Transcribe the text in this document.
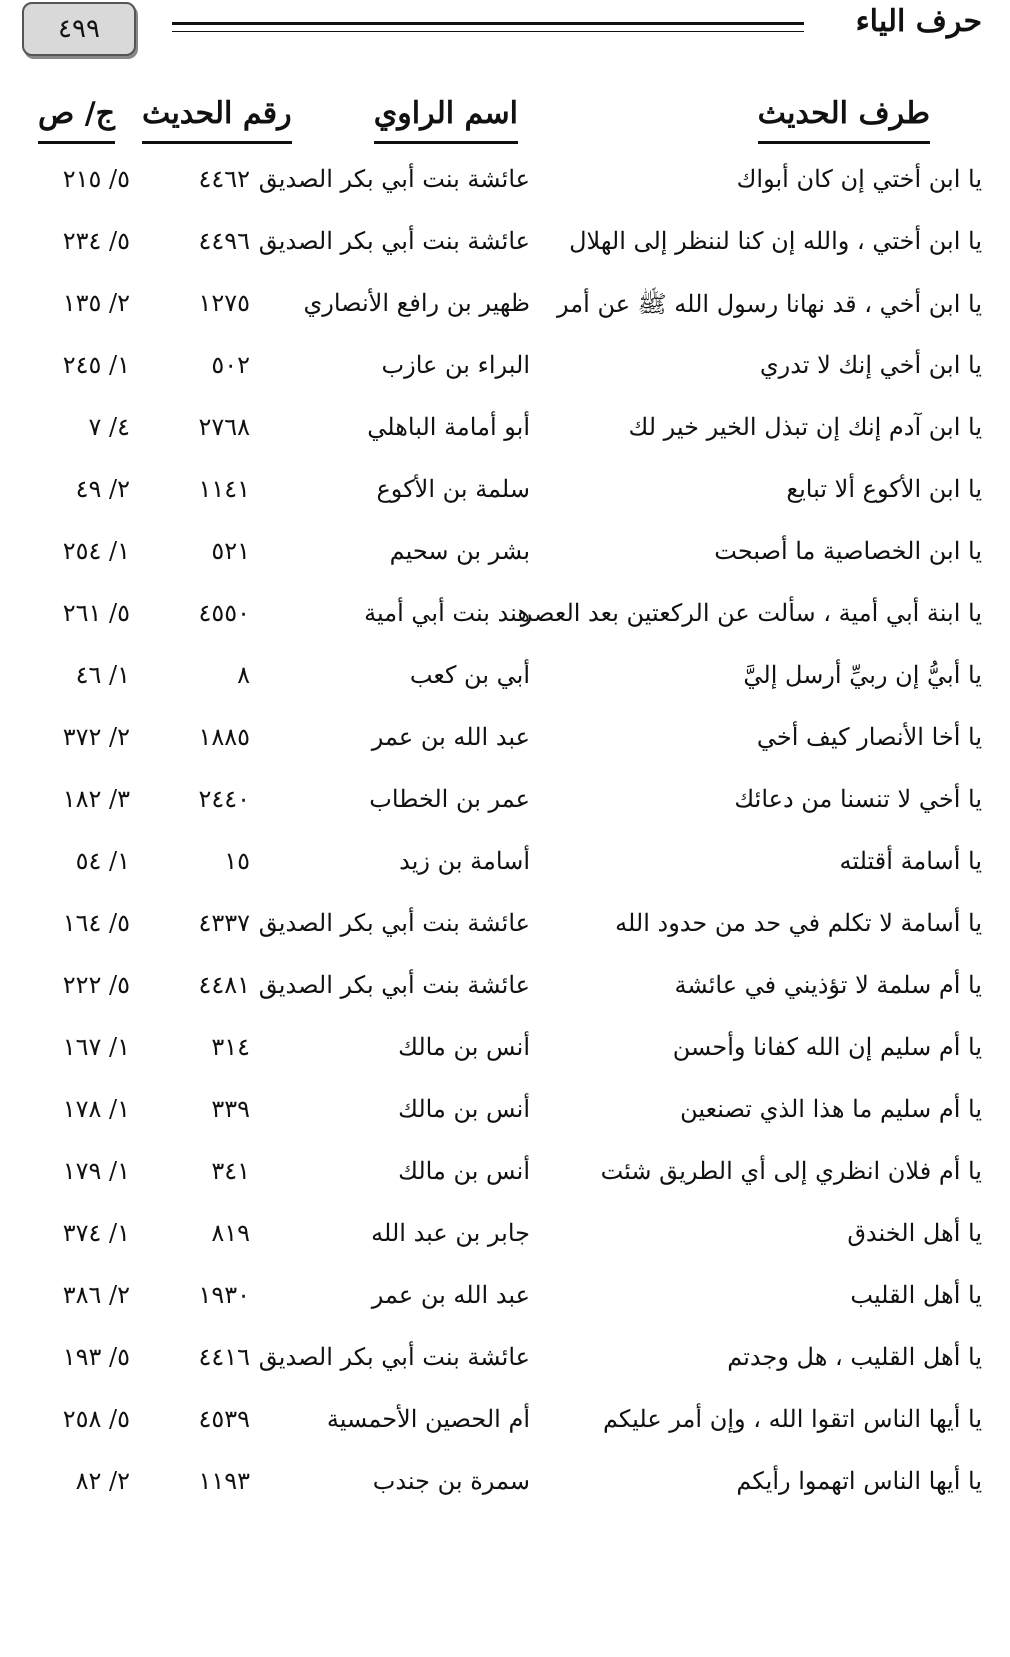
٤٩٩	حرف الياء
طرف الحديث
اسم الراوي
رقم الحديث
ج/ ص
يا ابن أختي إن كان أبواك
عائشة بنت أبي بكر الصديق
٤٤٦٢
٥/ ٢١٥
يا ابن أختي ، والله إن كنا لننظر إلى الهلال
عائشة بنت أبي بكر الصديق
٤٤٩٦
٥/ ٢٣٤
يا ابن أخي ، قد نهانا رسول الله ﷺ عن أمر
ظهير بن رافع الأنصاري
١٢٧٥
٢/ ١٣٥
يا ابن أخي إنك لا تدري
البراء بن عازب
٥٠٢
١/ ٢٤٥
يا ابن آدم إنك إن تبذل الخير خير لك
أبو أمامة الباهلي
٢٧٦٨
٤/ ٧
يا ابن الأكوع ألا تبايع
سلمة بن الأكوع
١١٤١
٢/ ٤٩
يا ابن الخصاصية ما أصبحت
بشر بن سحيم
٥٢١
١/ ٢٥٤
يا ابنة أبي أمية ، سألت عن الركعتين بعد العصر
هند بنت أبي أمية
٤٥٥٠
٥/ ٢٦١
يا أبيُّ إن ربيِّ أرسل إليَّ
أبي بن كعب
٨
١/ ٤٦
يا أخا الأنصار كيف أخي
عبد الله بن عمر
١٨٨٥
٢/ ٣٧٢
يا أخي لا تنسنا من دعائك
عمر بن الخطاب
٢٤٤٠
٣/ ١٨٢
يا أسامة أقتلته
أسامة بن زيد
١٥
١/ ٥٤
يا أسامة لا تكلم في حد من حدود الله
عائشة بنت أبي بكر الصديق
٤٣٣٧
٥/ ١٦٤
يا أم سلمة لا تؤذيني في عائشة
عائشة بنت أبي بكر الصديق
٤٤٨١
٥/ ٢٢٢
يا أم سليم إن الله كفانا وأحسن
أنس بن مالك
٣١٤
١/ ١٦٧
يا أم سليم ما هذا الذي تصنعين
أنس بن مالك
٣٣٩
١/ ١٧٨
يا أم فلان انظري إلى أي الطريق شئت
أنس بن مالك
٣٤١
١/ ١٧٩
يا أهل الخندق
جابر بن عبد الله
٨١٩
١/ ٣٧٤
يا أهل القليب
عبد الله بن عمر
١٩٣٠
٢/ ٣٨٦
يا أهل القليب ، هل وجدتم
عائشة بنت أبي بكر الصديق
٤٤١٦
٥/ ١٩٣
يا أيها الناس اتقوا الله ، وإن أمر عليكم
أم الحصين الأحمسية
٤٥٣٩
٥/ ٢٥٨
يا أيها الناس اتهموا رأيكم
سمرة بن جندب
١١٩٣
٢/ ٨٢
